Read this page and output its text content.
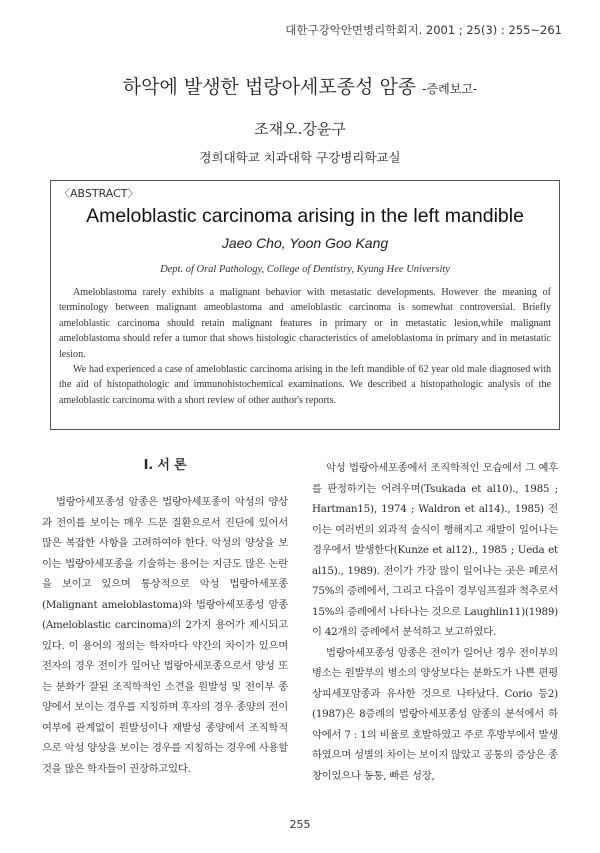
대한구강악안면병리학회지. 2001 ; 25(3) : 255~261
하악에 발생한 법랑아세포종성 암종 -증례보고-
조재오.강윤구
경희대학교 치과대학 구강병리학교실
〈ABSTRACT〉
Ameloblastic carcinoma arising in the left mandible
Jaeo Cho, Yoon Goo Kang
Dept. of Oral Pathology, College of Dentistry, Kyung Hee University

Ameloblastoma rarely exhibits a malignant behavior with metastatic developments. However the meaning of terminology between malignant ameoblastoma and ameloblastic carcinoma is somewhat controversial. Briefly ameloblastic carcinoma should retain malignant features in primary or in metastatic lesion,while malignant ameloblastoma should refer a tumor that shows histologic characteristics of ameloblastoma in primary and in metastatic lesion.

We had experienced a case of ameloblastic carcinoma arising in the left mandible of 62 year old male diagnosed with the aid of histopathologic and immunohistochemical examinations. We described a histopathologic analysis of the ameloblastic carcinoma with a short review of other author's reports.

I. 서 론

법랑아세포종성 암종은 법랑아세포종이 악성의 양상과 전이를 보이는 매우 드문 질환으로서 진단에 있어서 많은 복잡한 사항을 고려하여야 한다. 악성의 양상을 보이는 법랑아세포종을 기술하는 용어는 지금도 많은 논란을 보이고 있으며 통상적으로 악성 법랑아세포종(Malignant ameloblastoma)와 법랑아세포종성 암종(Ameloblastic carcinoma)의 2가지 용어가 제시되고 있다. 이 용어의 정의는 학자마다 약간의 차이가 있으며 전자의 경우 전이가 일어난 법랑아세포종으로서 양성 또는 분화가 잘된 조직학적인 소견을 원발성 및 전이부 종양에서 보이는 경우를 지칭하며 후자의 경우 종양의 전이 여부에 관계없이 원발성이나 재발성 종양에서 조직학적으로 악성 양상을 보이는 경우를 지칭하는 경우에 사용할 것을 많은 학자들이 권장하고있다.

악성 법랑아세포종에서 조직학적인 모습에서 그 예후를 판정하기는 어려우며(Tsukada et al10)., 1985 ; Hartman15), 1974 ; Waldron et al14)., 1985) 전이는 여러번의 외과적 술식이 행해지고 재발이 일어나는 경우에서 발생한다(Kunze et al12)., 1985 ; Ueda et al15)., 1989). 전이가 가장 많이 일어나는 곳은 폐로서 75%의 증례에서, 그리고 다음이 경부임프절과 척추로서 15%의 증례에서 나타나는 것으로 Laughlin11)(1989)이 42개의 증례에서 분석하고 보고하였다.

법랑아세포종성 암종은 전이가 일어난 경우 전이부의 병소는 원발부의 병소의 양상보다는 분화도가 나쁜 편평상피세포암종과 유사한 것으로 나타났다. Corio 등2)(1987)은 8증례의 법랑아세포종성 암종의 분석에서 하악에서 7 : 1의 비율로 호발하였고 주로 후방부에서 발생하였으며 성별의 차이는 보이지 않았고 공통의 증상은 종창이었으나 동통, 빠른 성장,

255
